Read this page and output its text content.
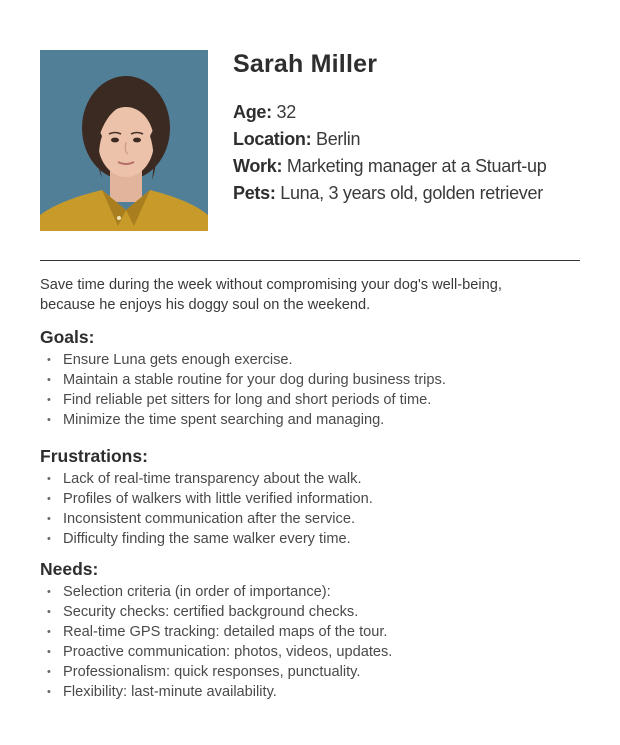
Sarah Miller
Age: 32
Location: Berlin
Work: Marketing manager at a Stuart-up
Pets: Luna, 3 years old, golden retriever

Save time during the week without compromising your dog's well-being, because he enjoys his doggy soul on the weekend.

Goals:
• Ensure Luna gets enough exercise.
• Maintain a stable routine for your dog during business trips.
• Find reliable pet sitters for long and short periods of time.
• Minimize the time spent searching and managing.
Frustrations:
• Lack of real-time transparency about the walk.
• Profiles of walkers with little verified information.
• Inconsistent communication after the service.
• Difficulty finding the same walker every time.
Needs:
• Selection criteria (in order of importance):
• Security checks: certified background checks.
• Real-time GPS tracking: detailed maps of the tour.
• Proactive communication: photos, videos, updates.
• Professionalism: quick responses, punctuality.
• Flexibility: last-minute availability.
